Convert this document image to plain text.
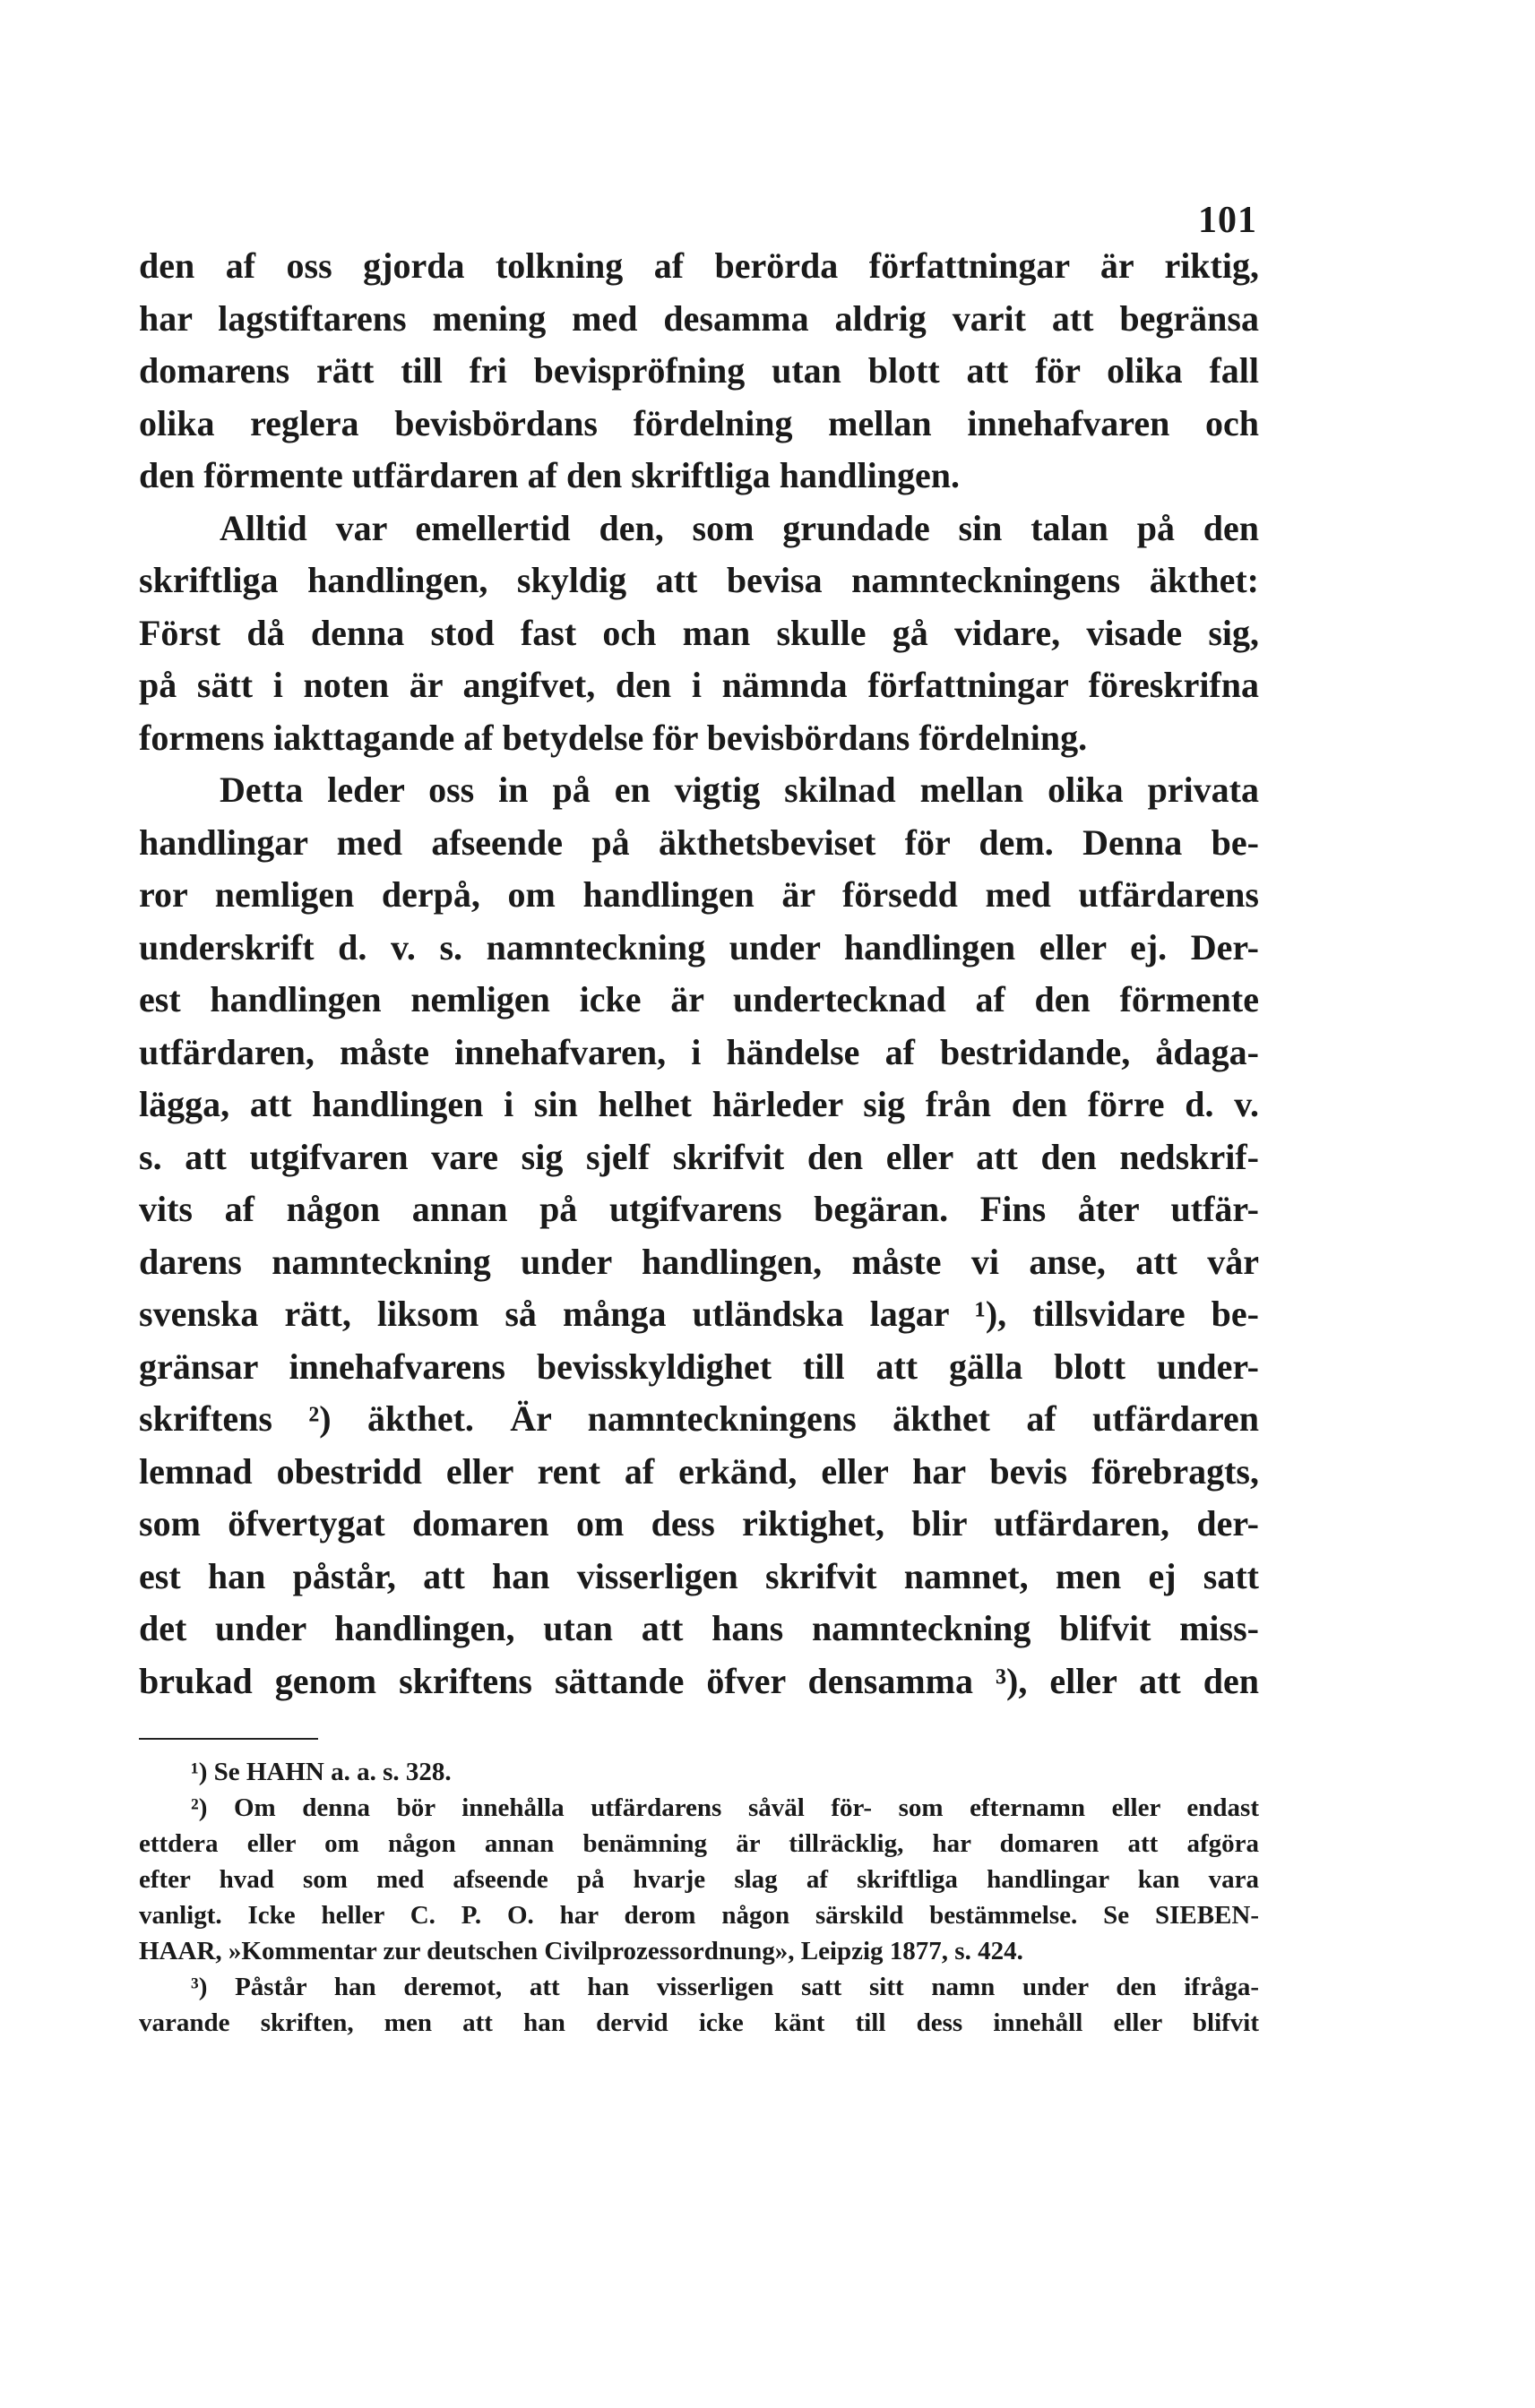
101
den af oss gjorda tolkning af berörda författningar är riktig,
har lagstiftarens mening med desamma aldrig varit att begränsa
domarens rätt till fri bevispröfning utan blott att för olika fall
olika reglera bevisbördans fördelning mellan innehafvaren och
den förmente utfärdaren af den skriftliga handlingen.
Alltid var emellertid den, som grundade sin talan på den
skriftliga handlingen, skyldig att bevisa namnteckningens äkthet:
Först då denna stod fast och man skulle gå vidare, visade sig,
på sätt i noten är angifvet, den i nämnda författningar föreskrifna
formens iakttagande af betydelse för bevisbördans fördelning.
Detta leder oss in på en vigtig skilnad mellan olika privata
handlingar med afseende på äkthetsbeviset för dem. Denna be-
ror nemligen derpå, om handlingen är försedd med utfärdarens
underskrift d. v. s. namnteckning under handlingen eller ej. Der-
est handlingen nemligen icke är undertecknad af den förmente
utfärdaren, måste innehafvaren, i händelse af bestridande, ådaga-
lägga, att handlingen i sin helhet härleder sig från den förre d. v.
s. att utgifvaren vare sig sjelf skrifvit den eller att den nedskrif-
vits af någon annan på utgifvarens begäran. Fins åter utfär-
darens namnteckning under handlingen, måste vi anse, att vår
svenska rätt, liksom så många utländska lagar ¹), tillsvidare be-
gränsar innehafvarens bevisskyldighet till att gälla blott under-
skriftens ²) äkthet. Är namnteckningens äkthet af utfärdaren
lemnad obestridd eller rent af erkänd, eller har bevis förebragts,
som öfvertygat domaren om dess riktighet, blir utfärdaren, der-
est han påstår, att han visserligen skrifvit namnet, men ej satt
det under handlingen, utan att hans namnteckning blifvit miss-
brukad genom skriftens sättande öfver densamma ³), eller att den
¹) Se HAHN a. a. s. 328.
²) Om denna bör innehålla utfärdarens såväl för- som efternamn eller endast
ettdera eller om någon annan benämning är tillräcklig, har domaren att afgöra
efter hvad som med afseende på hvarje slag af skriftliga handlingar kan vara
vanligt. Icke heller C. P. O. har derom någon särskild bestämmelse. Se SIEBEN-
HAAR, »Kommentar zur deutschen Civilprozessordnung», Leipzig 1877, s. 424.
³) Påstår han deremot, att han visserligen satt sitt namn under den ifråga-
varande skriften, men att han dervid icke känt till dess innehåll eller blifvit
